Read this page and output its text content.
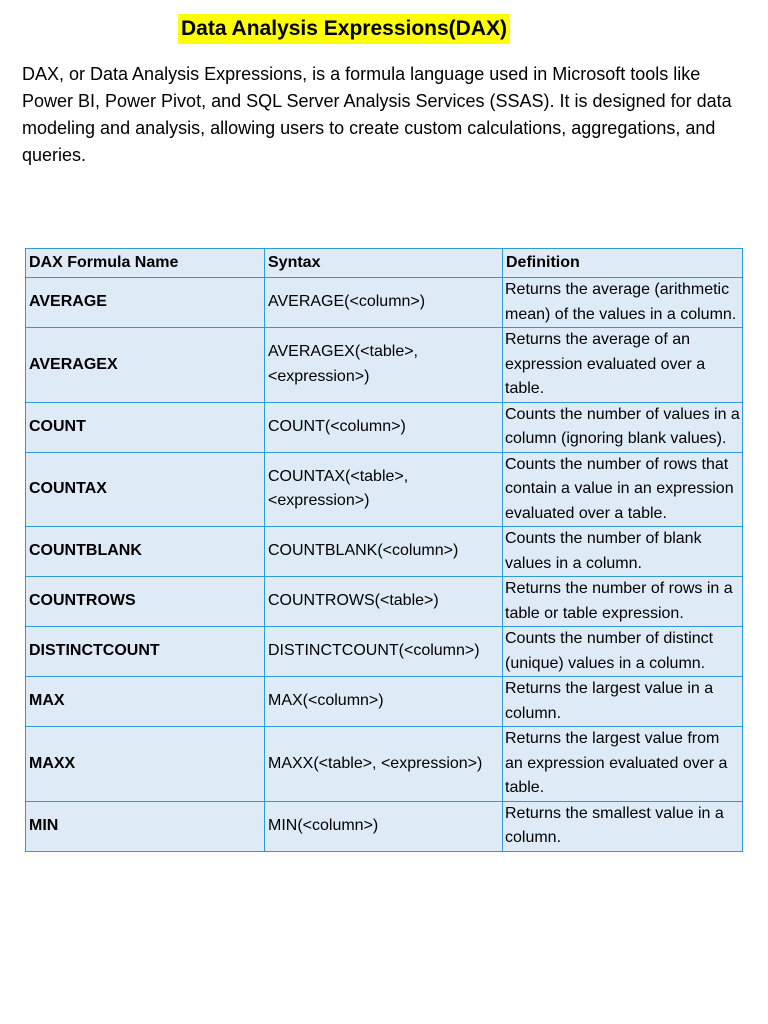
Data Analysis Expressions(DAX)

DAX, or Data Analysis Expressions, is a formula language used in Microsoft tools like Power BI, Power Pivot, and SQL Server Analysis Services (SSAS). It is designed for data modeling and analysis, allowing users to create custom calculations, aggregations, and queries.

DAX Formula Name	Syntax	Definition
AVERAGE	AVERAGE(<column>)	Returns the average (arithmetic mean) of the values in a column.
AVERAGEX	AVERAGEX(<table>, <expression>)	Returns the average of an expression evaluated over a table.
COUNT	COUNT(<column>)	Counts the number of values in a column (ignoring blank values).
COUNTAX	COUNTAX(<table>, <expression>)	Counts the number of rows that contain a value in an expression evaluated over a table.
COUNTBLANK	COUNTBLANK(<column>)	Counts the number of blank values in a column.
COUNTROWS	COUNTROWS(<table>)	Returns the number of rows in a table or table expression.
DISTINCTCOUNT	DISTINCTCOUNT(<column>)	Counts the number of distinct (unique) values in a column.
MAX	MAX(<column>)	Returns the largest value in a column.
MAXX	MAXX(<table>, <expression>)	Returns the largest value from an expression evaluated over a table.
MIN	MIN(<column>)	Returns the smallest value in a column.
